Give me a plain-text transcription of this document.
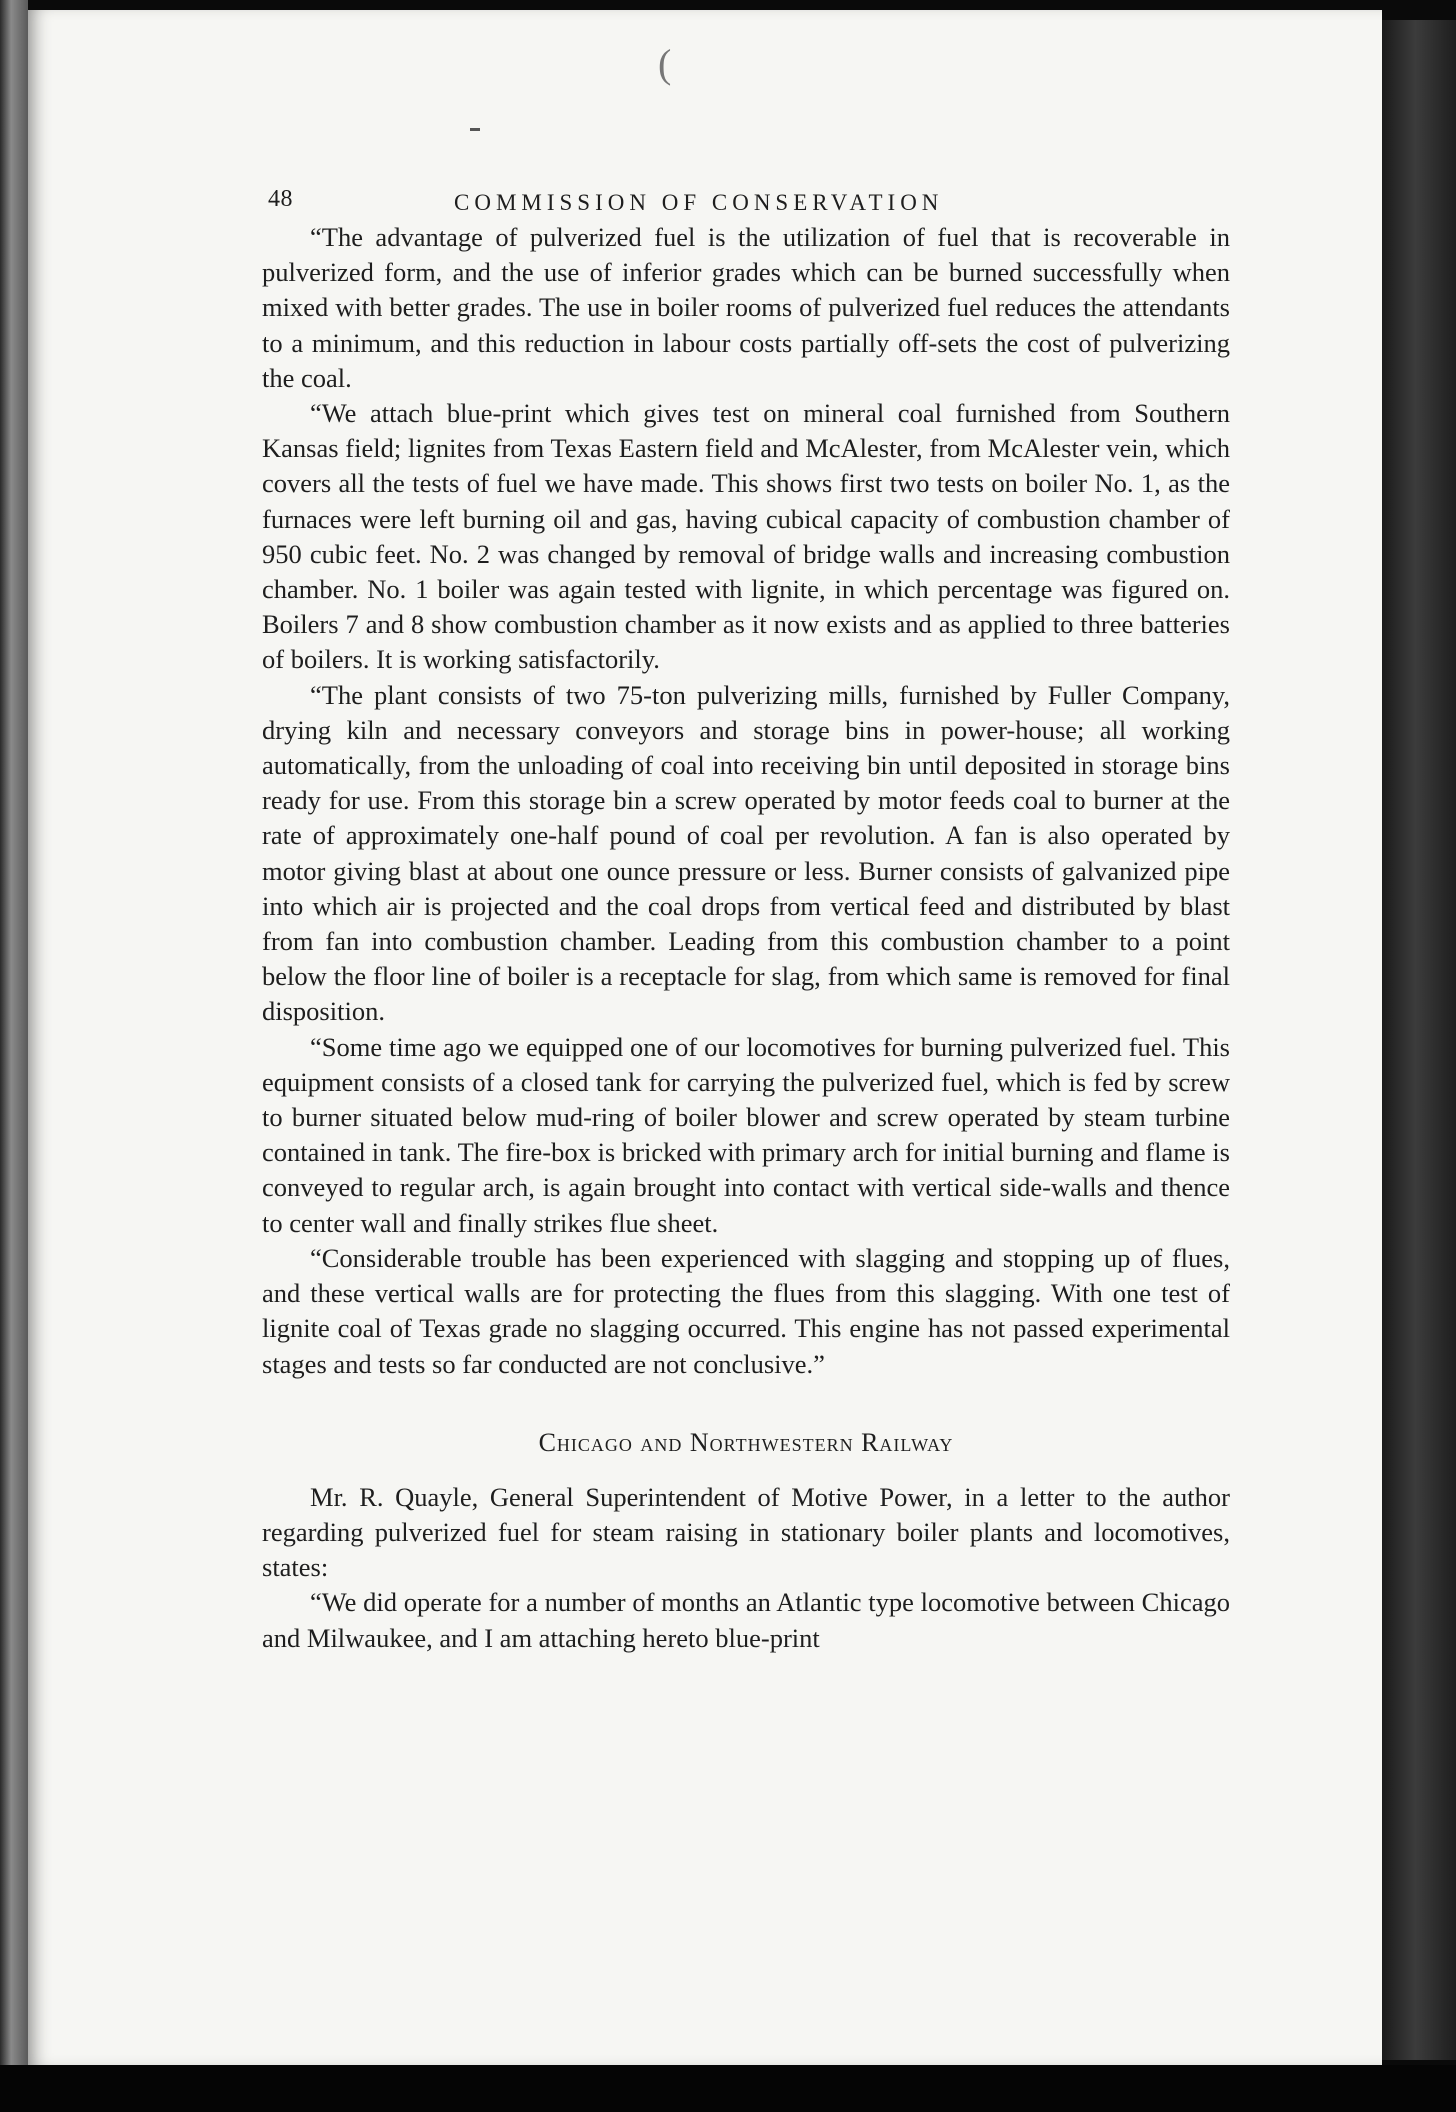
(
48	COMMISSION OF CONSERVATION

“The advantage of pulverized fuel is the utilization of fuel that is recoverable in pulverized form, and the use of inferior grades which can be burned successfully when mixed with better grades. The use in boiler rooms of pulverized fuel reduces the attendants to a minimum, and this reduction in labour costs partially off-sets the cost of pulverizing the coal.

“We attach blue-print which gives test on mineral coal furnished from Southern Kansas field; lignites from Texas Eastern field and McAlester, from McAlester vein, which covers all the tests of fuel we have made. This shows first two tests on boiler No. 1, as the furnaces were left burning oil and gas, having cubical capacity of combustion chamber of 950 cubic feet. No. 2 was changed by removal of bridge walls and increasing combustion chamber. No. 1 boiler was again tested with lignite, in which percentage was figured on. Boilers 7 and 8 show combustion chamber as it now exists and as applied to three batteries of boilers. It is working satisfactorily.

“The plant consists of two 75-ton pulverizing mills, furnished by Fuller Company, drying kiln and necessary conveyors and storage bins in power-house; all working automatically, from the unloading of coal into receiving bin until deposited in storage bins ready for use. From this storage bin a screw operated by motor feeds coal to burner at the rate of approximately one-half pound of coal per revolution. A fan is also operated by motor giving blast at about one ounce pressure or less. Burner consists of galvanized pipe into which air is projected and the coal drops from vertical feed and distributed by blast from fan into combustion chamber. Leading from this combustion chamber to a point below the floor line of boiler is a receptacle for slag, from which same is removed for final disposition.

“Some time ago we equipped one of our locomotives for burning pulverized fuel. This equipment consists of a closed tank for carrying the pulverized fuel, which is fed by screw to burner situated below mud-ring of boiler blower and screw operated by steam turbine contained in tank. The fire-box is bricked with primary arch for initial burning and flame is conveyed to regular arch, is again brought into contact with vertical side-walls and thence to center wall and finally strikes flue sheet.

“Considerable trouble has been experienced with slagging and stopping up of flues, and these vertical walls are for protecting the flues from this slagging. With one test of lignite coal of Texas grade no slagging occurred. This engine has not passed experimental stages and tests so far conducted are not conclusive.”

Chicago and Northwestern Railway

Mr. R. Quayle, General Superintendent of Motive Power, in a letter to the author regarding pulverized fuel for steam raising in stationary boiler plants and locomotives, states:

“We did operate for a number of months an Atlantic type locomotive between Chicago and Milwaukee, and I am attaching hereto blue-print
